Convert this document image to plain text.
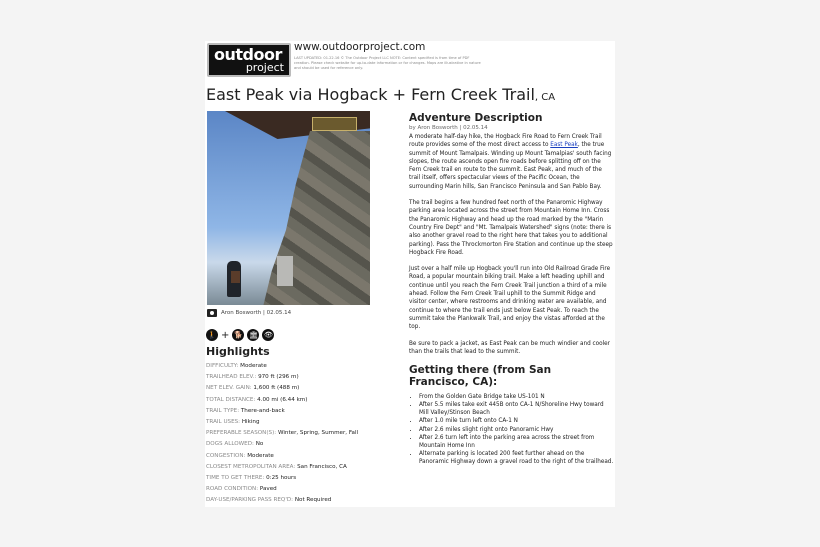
outdoor
project
www.outdoorproject.com
LAST UPDATED: 01.22.16 © The Outdoor Project LLC NOTE: Content specified is from time of PDF creation. Please check website for up-to-date information or for changes. Maps are illustrative in nature and should be used for reference only.
East Peak via Hogback + Fern Creek Trail, CA
Aron Bosworth | 02.05.14
🚶 + 🐕 🏛 👁
Highlights
DIFFICULTY: Moderate
TRAILHEAD ELEV.: 970 ft (296 m)
NET ELEV. GAIN: 1,600 ft (488 m)
TOTAL DISTANCE: 4.00 mi (6.44 km)
TRAIL TYPE: There-and-back
TRAIL USES: Hiking
PREFERABLE SEASON(S): Winter, Spring, Summer, Fall
DOGS ALLOWED: No
CONGESTION: Moderate
CLOSEST METROPOLITAN AREA: San Francisco, CA
TIME TO GET THERE: 0:25 hours
ROAD CONDITION: Paved
DAY-USE/PARKING PASS REQ'D: Not Required
Adventure Description
by Aron Bosworth | 02.05.14

A moderate half-day hike, the Hogback Fire Road to Fern Creek Trail route provides some of the most direct access to East Peak, the true summit of Mount Tamalpais. Winding up Mount Tamalpias' south facing slopes, the route ascends open fire roads before splitting off on the Fern Creek trail en route to the summit. East Peak, and much of the trail itself, offers spectacular views of the Pacific Ocean, the surrounding Marin hills, San Francisco Peninsula and San Pablo Bay.

The trail begins a few hundred feet north of the Panaromic Highway parking area located across the street from Mountain Home Inn. Cross the Panaromic Highway and head up the road marked by the "Marin Country Fire Dept" and "Mt. Tamalpais Watershed" signs (note: there is also another gravel road to the right here that takes you to additional parking). Pass the Throckmorton Fire Station and continue up the steep Hogback Fire Road.

Just over a half mile up Hogback you'll run into Old Railroad Grade Fire Road, a popular mountain biking trail. Make a left heading uphill and continue until you reach the Fern Creek Trail junction a third of a mile ahead. Follow the Fern Creek Trail uphill to the Summit Ridge and visitor center, where restrooms and drinking water are available, and continue to where the trail ends just below East Peak. To reach the summit take the Plankwalk Trail, and enjoy the vistas afforded at the top.

Be sure to pack a jacket, as East Peak can be much windier and cooler than the trails that lead to the summit.

Getting there (from San Francisco, CA):
• From the Golden Gate Bridge take US-101 N
• After 5.5 miles take exit 445B onto CA-1 N/Shoreline Hwy toward Mill Valley/Stinson Beach
• After 1.0 mile turn left onto CA-1 N
• After 2.6 miles slight right onto Panoramic Hwy
• After 2.6 turn left into the parking area across the street from Mountain Home Inn
• Alternate parking is located 200 feet further ahead on the Panoramic Highway down a gravel road to the right of the trailhead.
